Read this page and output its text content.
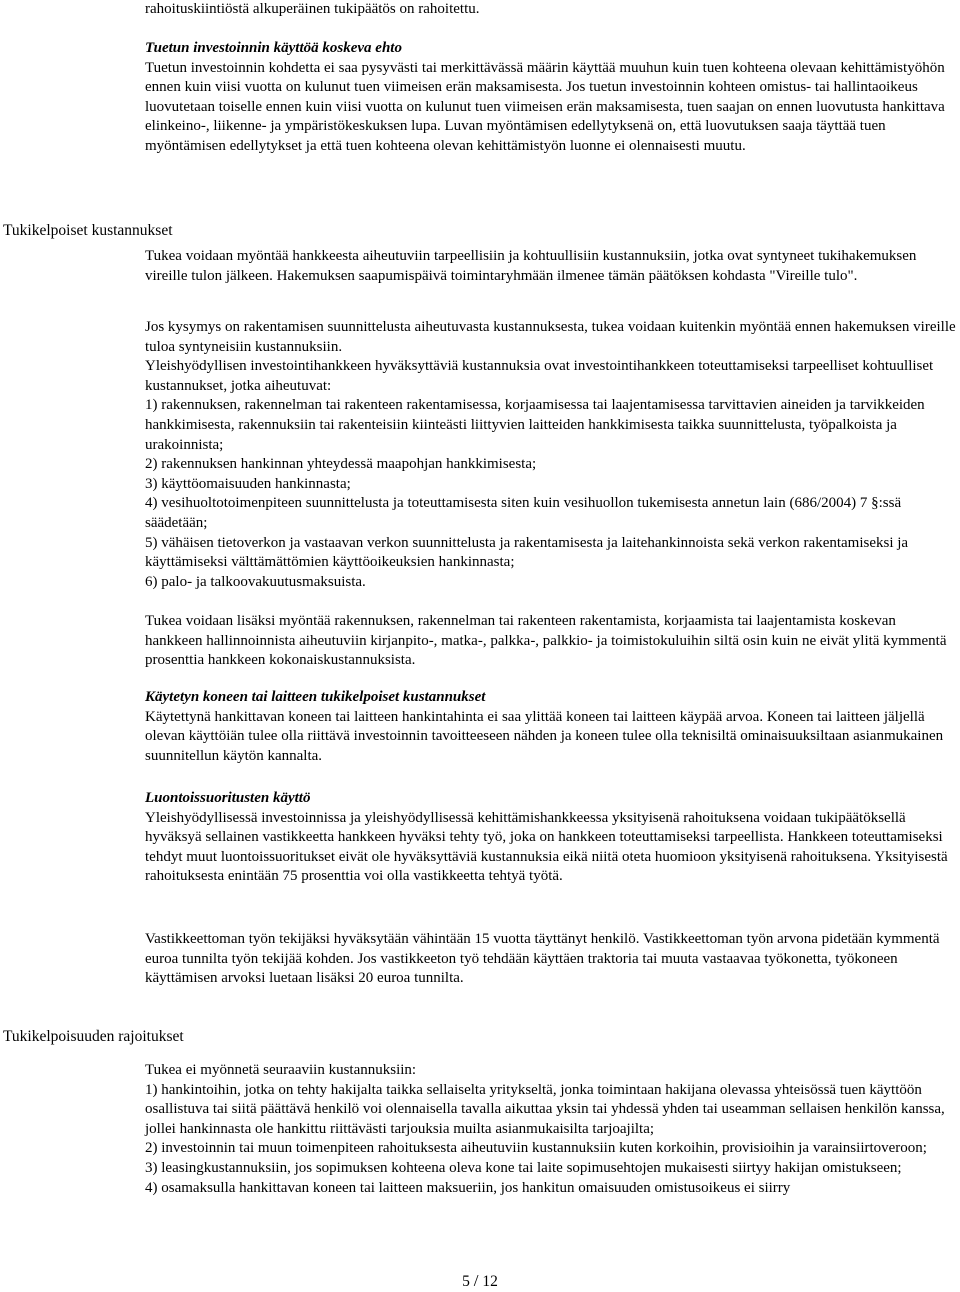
rahoituskiintiöstä alkuperäinen tukipäätös on rahoitettu.

Tuetun investoinnin käyttöä koskeva ehto

Tuetun investoinnin kohdetta ei saa pysyvästi tai merkittävässä määrin käyttää muuhun kuin tuen kohteena olevaan kehittämistyöhön ennen kuin viisi vuotta on kulunut tuen viimeisen erän maksamisesta. Jos tuetun investoinnin kohteen omistus- tai hallintaoikeus luovutetaan toiselle ennen kuin viisi vuotta on kulunut tuen viimeisen erän maksamisesta, tuen saajan on ennen luovutusta hankittava elinkeino-, liikenne- ja ympäristökeskuksen lupa. Luvan myöntämisen edellytyksenä on, että luovutuksen saaja täyttää tuen myöntämisen edellytykset ja että tuen kohteena olevan kehittämistyön luonne ei olennaisesti muutu.

Tukikelpoiset kustannukset

Tukea voidaan myöntää hankkeesta aiheutuviin tarpeellisiin ja kohtuullisiin kustannuksiin, jotka ovat syntyneet tukihakemuksen vireille tulon jälkeen. Hakemuksen saapumispäivä toimintaryhmään ilmenee tämän päätöksen kohdasta "Vireille tulo".

Jos kysymys on rakentamisen suunnittelusta aiheutuvasta kustannuksesta, tukea voidaan kuitenkin myöntää ennen hakemuksen vireille tuloa syntyneisiin kustannuksiin.

Yleishyödyllisen investointihankkeen hyväksyttäviä kustannuksia ovat investointihankkeen toteuttamiseksi tarpeelliset kohtuulliset kustannukset, jotka aiheutuvat:

1) rakennuksen, rakennelman tai rakenteen rakentamisessa, korjaamisessa tai laajentamisessa tarvittavien aineiden ja tarvikkeiden hankkimisesta, rakennuksiin tai rakenteisiin kiinteästi liittyvien laitteiden hankkimisesta taikka suunnittelusta, työpalkoista ja urakoinnista;

2) rakennuksen hankinnan yhteydessä maapohjan hankkimisesta;

3) käyttöomaisuuden hankinnasta;

4) vesihuoltotoimenpiteen suunnittelusta ja toteuttamisesta siten kuin vesihuollon tukemisesta annetun lain (686/2004) 7 §:ssä säädetään;

5) vähäisen tietoverkon ja vastaavan verkon suunnittelusta ja rakentamisesta ja laitehankinnoista sekä verkon rakentamiseksi ja käyttämiseksi välttämättömien käyttöoikeuksien hankinnasta;

6) palo- ja talkoovakuutusmaksuista.

Tukea voidaan lisäksi myöntää rakennuksen, rakennelman tai rakenteen rakentamista, korjaamista tai laajentamista koskevan hankkeen hallinnoinnista aiheutuviin kirjanpito-, matka-, palkka-, palkkio- ja toimistokuluihin siltä osin kuin ne eivät ylitä kymmentä prosenttia hankkeen kokonaiskustannuksista.

Käytetyn koneen tai laitteen tukikelpoiset kustannukset

Käytettynä hankittavan koneen tai laitteen hankintahinta ei saa ylittää koneen tai laitteen käypää arvoa. Koneen tai laitteen jäljellä olevan käyttöiän tulee olla riittävä investoinnin tavoitteeseen nähden ja koneen tulee olla teknisiltä ominaisuuksiltaan asianmukainen suunnitellun käytön kannalta.

Luontoissuoritusten käyttö

Yleishyödyllisessä investoinnissa ja yleishyödyllisessä kehittämishankkeessa yksityisenä rahoituksena voidaan tukipäätöksellä hyväksyä sellainen vastikkeetta hankkeen hyväksi tehty työ, joka on hankkeen toteuttamiseksi tarpeellista. Hankkeen toteuttamiseksi tehdyt muut luontoissuoritukset eivät ole hyväksyttäviä kustannuksia eikä niitä oteta huomioon yksityisenä rahoituksena. Yksityisestä rahoituksesta enintään 75 prosenttia voi olla vastikkeetta tehtyä työtä.

Vastikkeettoman työn tekijäksi hyväksytään vähintään 15 vuotta täyttänyt henkilö. Vastikkeettoman työn arvona pidetään kymmentä euroa tunnilta työn tekijää kohden. Jos vastikkeeton työ tehdään käyttäen traktoria tai muuta vastaavaa työkonetta, työkoneen käyttämisen arvoksi luetaan lisäksi 20 euroa tunnilta.

Tukikelpoisuuden rajoitukset

Tukea ei myönnetä seuraaviin kustannuksiin:

1) hankintoihin, jotka on tehty hakijalta taikka sellaiselta yritykseltä, jonka toimintaan hakijana olevassa yhteisössä tuen käyttöön osallistuva tai siitä päättävä henkilö voi olennaisella tavalla aikuttaa yksin tai yhdessä yhden tai useamman sellaisen henkilön kanssa, jollei hankinnasta ole hankittu riittävästi tarjouksia muilta asianmukaisilta tarjoajilta;

2) investoinnin tai muun toimenpiteen rahoituksesta aiheutuviin kustannuksiin kuten korkoihin, provisioihin ja varainsiirtoveroon;

3) leasingkustannuksiin, jos sopimuksen kohteena oleva kone tai laite sopimusehtojen mukaisesti siirtyy hakijan omistukseen;

4) osamaksulla hankittavan koneen tai laitteen maksueriin, jos hankitun omaisuuden omistusoikeus ei siirry

5 / 12
